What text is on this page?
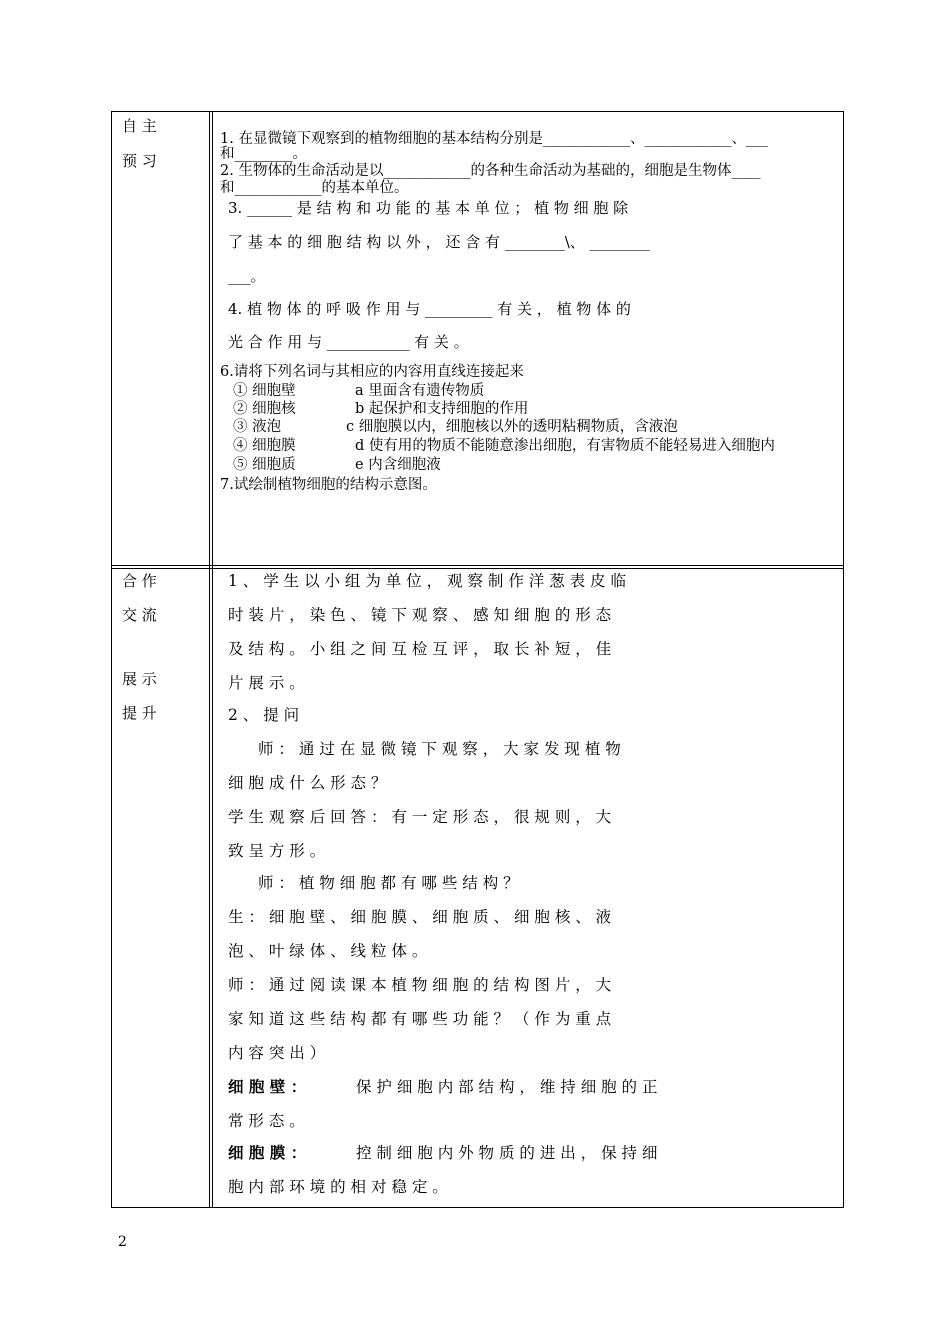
自 主
预 习
合 作
交 流
展 示
提 升
1. 在显微镜下观察到的植物细胞的基本结构分别是____________、____________、___
和________。
2. 生物体的生命活动是以____________的各种生命活动为基础的，细胞是生物体____
和____________的基本单位。
3. ______ 是 结 构 和 功 能 的 基 本 单 位 ； 植 物 细 胞 除
了 基 本 的 细 胞 结 构 以 外 ， 还 含 有 ________\、 ________
___。
4. 植 物 体 的 呼 吸 作 用 与 _________ 有 关 ， 植 物 体 的
光 合 作 用 与 ___________ 有 关 。
6.请将下列名词与其相应的内容用直线连接起来
① 细胞壁
② 细胞核
③ 液泡
④ 细胞膜
⑤ 细胞质
a 里面含有遗传物质
b 起保护和支持细胞的作用
c 细胞膜以内，细胞核以外的透明粘稠物质，含液泡
d 使有用的物质不能随意渗出细胞，有害物质不能轻易进入细胞内
e 内含细胞液
7.试绘制植物细胞的结构示意图。
1 、 学 生 以 小 组 为 单 位 ， 观 察 制 作 洋 葱 表 皮 临
时 装 片 ， 染 色 、 镜 下 观 察 、 感 知 细 胞 的 形 态
及 结 构 。 小 组 之 间 互 检 互 评 ， 取 长 补 短 ， 佳
片 展 示 。
2 、 提 问
师 ： 通 过 在 显 微 镜 下 观 察 ， 大 家 发 现 植 物
细 胞 成 什 么 形 态 ？
学 生 观 察 后 回 答 ： 有 一 定 形 态 ， 很 规 则 ， 大
致 呈 方 形 。
师 ： 植 物 细 胞 都 有 哪 些 结 构 ？
生 ： 细 胞 壁 、 细 胞 膜 、 细 胞 质 、 细 胞 核 、 液
泡 、 叶 绿 体 、 线 粒 体 。
师 ： 通 过 阅 读 课 本 植 物 细 胞 的 结 构 图 片 ， 大
家 知 道 这 些 结 构 都 有 哪 些 功 能 ？ （ 作 为 重 点
内 容 突 出 ）
细 胞 壁 ：	保 护 细 胞 内 部 结 构 ， 维 持 细 胞 的 正
常 形 态 。
细 胞 膜 ：	控 制 细 胞 内 外 物 质 的 进 出 ， 保 持 细
胞 内 部 环 境 的 相 对 稳 定 。
2
